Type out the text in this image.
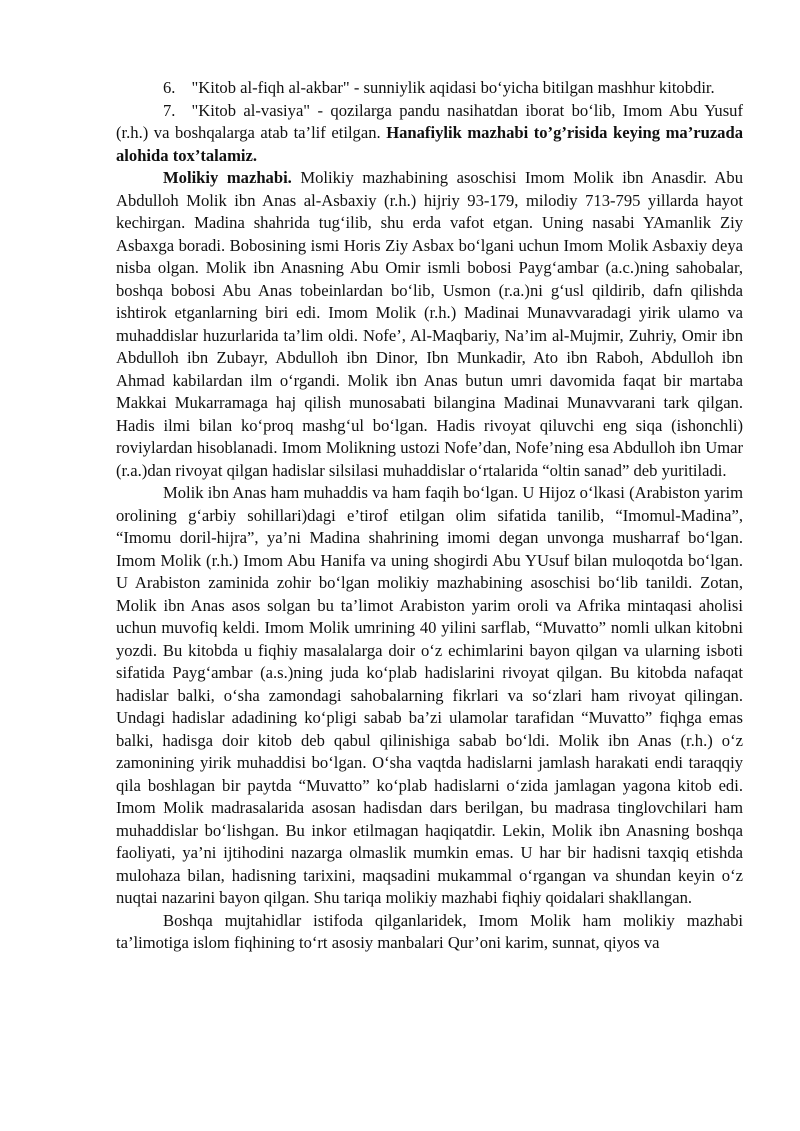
6. "Kitob al-fiqh al-akbar" - sunniylik aqidasi bo‘yicha bitilgan mashhur kitobdir.

7. "Kitob al-vasiya" - qozilarga pandu nasihatdan iborat bo‘lib, Imom Abu Yusuf (r.h.) va boshqalarga atab ta’lif etilgan. Hanafiylik mazhabi to’g’risida keying ma’ruzada alohida tox’talamiz.

Molikiy mazhabi. Molikiy mazhabining asoschisi Imom Molik ibn Anasdir. Abu Abdulloh Molik ibn Anas al-Asbaxiy (r.h.) hijriy 93-179, milodiy 713-795 yillarda hayot kechirgan. Madina shahrida tug‘ilib, shu erda vafot etgan. Uning nasabi YAmanlik Ziy Asbaxga boradi. Bobosining ismi Horis Ziy Asbax bo‘lgani uchun Imom Molik Asbaxiy deya nisba olgan. Molik ibn Anasning Abu Omir ismli bobosi Payg‘ambar (a.c.)ning sahobalar, boshqa bobosi Abu Anas tobeinlardan bo‘lib, Usmon (r.a.)ni g‘usl qildirib, dafn qilishda ishtirok etganlarning biri edi. Imom Molik (r.h.) Madinai Munavvaradagi yirik ulamo va muhaddislar huzurlarida ta’lim oldi. Nofe’, Al-Maqbariy, Na’im al-Mujmir, Zuhriy, Omir ibn Abdulloh ibn Zubayr, Abdulloh ibn Dinor, Ibn Munkadir, Ato ibn Raboh, Abdulloh ibn Ahmad kabilardan ilm o‘rgandi. Molik ibn Anas butun umri davomida faqat bir martaba Makkai Mukarramaga haj qilish munosabati bilangina Madinai Munavvarani tark qilgan. Hadis ilmi bilan ko‘proq mashg‘ul bo‘lgan. Hadis rivoyat qiluvchi eng siqa (ishonchli) roviylardan hisoblanadi. Imom Molikning ustozi Nofe’dan, Nofe’ning esa Abdulloh ibn Umar (r.a.)dan rivoyat qilgan hadislar silsilasi muhaddislar o‘rtalarida “oltin sanad” deb yuritiladi.

Molik ibn Anas ham muhaddis va ham faqih bo‘lgan. U Hijoz o‘lkasi (Arabiston yarim orolining g‘arbiy sohillari)dagi e’tirof etilgan olim sifatida tanilib, “Imomul-Madina”, “Imomu doril-hijra”, ya’ni Madina shahrining imomi degan unvonga musharraf bo‘lgan. Imom Molik (r.h.) Imom Abu Hanifa va uning shogirdi Abu YUsuf bilan muloqotda bo‘lgan. U Arabiston zaminida zohir bo‘lgan molikiy mazhabining asoschisi bo‘lib tanildi. Zotan, Molik ibn Anas asos solgan bu ta’limot Arabiston yarim oroli va Afrika mintaqasi aholisi uchun muvofiq keldi. Imom Molik umrining 40 yilini sarflab, “Muvatto” nomli ulkan kitobni yozdi. Bu kitobda u fiqhiy masalalarga doir o‘z echimlarini bayon qilgan va ularning isboti sifatida Payg‘ambar (a.s.)ning juda ko‘plab hadislarini rivoyat qilgan. Bu kitobda nafaqat hadislar balki, o‘sha zamondagi sahobalarning fikrlari va so‘zlari ham rivoyat qilingan. Undagi hadislar adadining ko‘pligi sabab ba’zi ulamolar tarafidan “Muvatto” fiqhga emas balki, hadisga doir kitob deb qabul qilinishiga sabab bo‘ldi. Molik ibn Anas (r.h.) o‘z zamonining yirik muhaddisi bo‘lgan. O‘sha vaqtda hadislarni jamlash harakati endi taraqqiy qila boshlagan bir paytda “Muvatto” ko‘plab hadislarni o‘zida jamlagan yagona kitob edi. Imom Molik madrasalarida asosan hadisdan dars berilgan, bu madrasa tinglovchilari ham muhaddislar bo‘lishgan. Bu inkor etilmagan haqiqatdir. Lekin, Molik ibn Anasning boshqa faoliyati, ya’ni ijtihodini nazarga olmaslik mumkin emas. U har bir hadisni taxqiq etishda mulohaza bilan, hadisning tarixini, maqsadini mukammal o‘rgangan va shundan keyin o‘z nuqtai nazarini bayon qilgan. Shu tariqa molikiy mazhabi fiqhiy qoidalari shakllangan.

Boshqa mujtahidlar istifoda qilganlaridek, Imom Molik ham molikiy mazhabi ta’limotiga islom fiqhining to‘rt asosiy manbalari Qur’oni karim, sunnat, qiyos va
